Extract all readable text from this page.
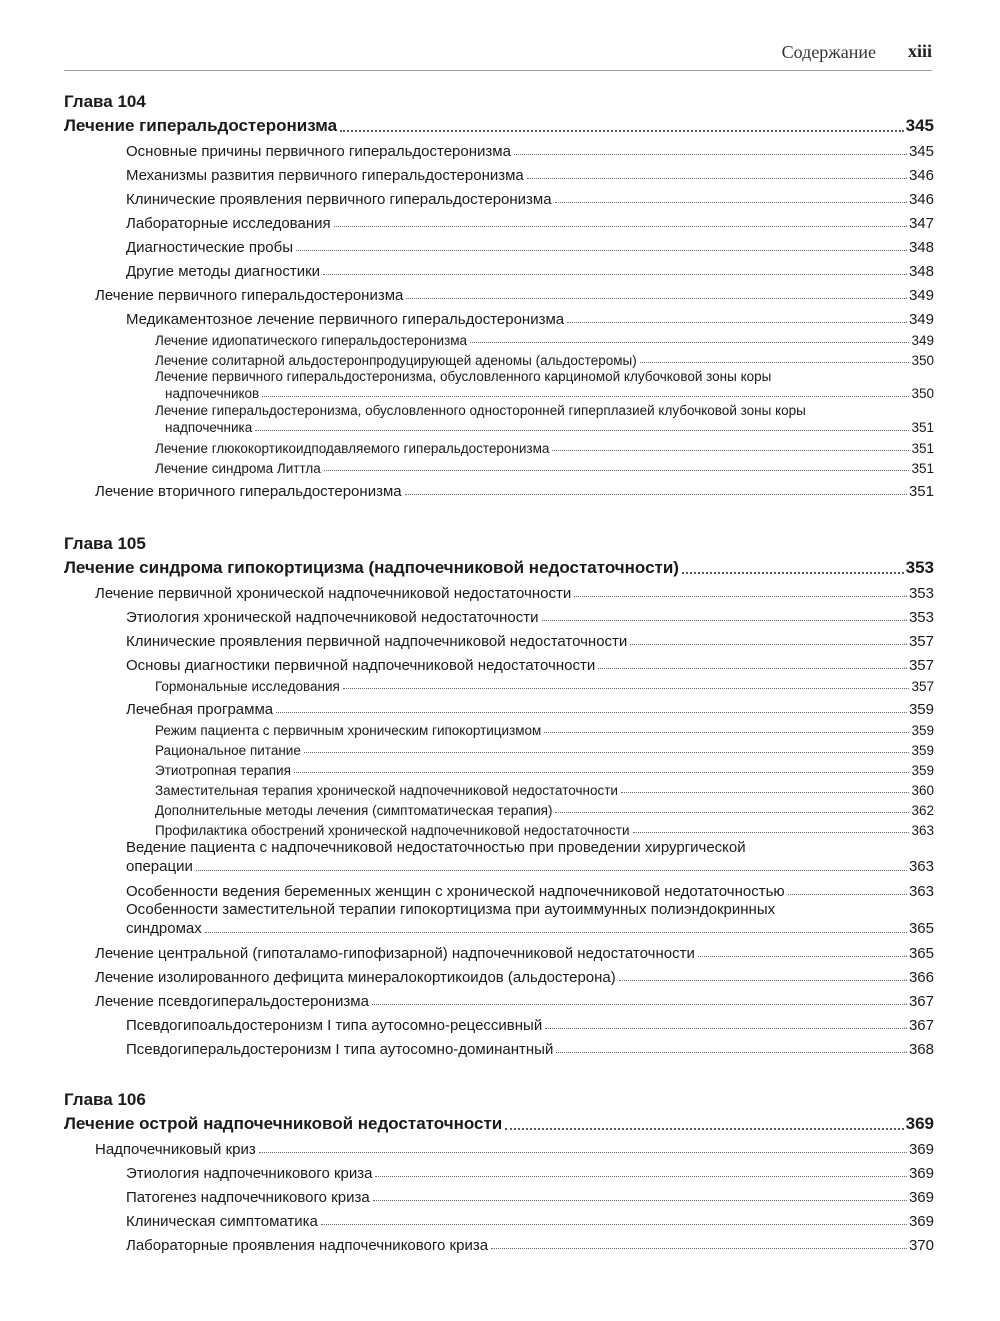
Содержание xiii
Глава 104
Лечение гиперальдостеронизма	345
Основные причины первичного гиперальдостеронизма	345
Механизмы развития первичного гиперальдостеронизма	346
Клинические проявления первичного гиперальдостеронизма	346
Лабораторные исследования	347
Диагностические пробы	348
Другие методы диагностики	348
Лечение первичного гиперальдостеронизма	349
Медикаментозное лечение первичного гиперальдостеронизма	349
Лечение идиопатического гиперальдостеронизма	349
Лечение солитарной альдостеронпродуцирующей аденомы (альдостеромы)	350
Лечение первичного гиперальдостеронизма, обусловленного карциномой клубочковой зоны коры
надпочечников	350
Лечение гиперальдостеронизма, обусловленного односторонней гиперплазией клубочковой зоны коры
надпочечника	351
Лечение глюкокортикоидподавляемого гиперальдостеронизма	351
Лечение синдрома Литтла	351
Лечение вторичного гиперальдостеронизма	351
Глава 105
Лечение синдрома гипокортицизма (надпочечниковой недостаточности)	353
Лечение первичной хронической надпочечниковой недостаточности	353
Этиология хронической надпочечниковой недостаточности	353
Клинические проявления первичной надпочечниковой недостаточности	357
Основы диагностики первичной надпочечниковой недостаточности	357
Гормональные исследования	357
Лечебная программа	359
Режим пациента с первичным хроническим гипокортицизмом	359
Рациональное питание	359
Этиотропная терапия	359
Заместительная терапия хронической надпочечниковой недостаточности	360
Дополнительные методы лечения (симптоматическая терапия)	362
Профилактика обострений хронической надпочечниковой недостаточности	363
Ведение пациента с надпочечниковой недостаточностью при проведении хирургической
операции	363
Особенности ведения беременных женщин с хронической надпочечниковой недотаточностью	363
Особенности заместительной терапии гипокортицизма при аутоиммунных полиэндокринных
синдромах	365
Лечение центральной (гипоталамо-гипофизарной) надпочечниковой недостаточности	365
Лечение изолированного дефицита минералокортикоидов (альдостерона)	366
Лечение псевдогиперальдостеронизма	367
Псевдогипоальдостеронизм I типа аутосомно-рецессивный	367
Псевдогиперальдостеронизм I типа аутосомно-доминантный	368
Глава 106
Лечение острой надпочечниковой недостаточности	369
Надпочечниковый криз	369
Этиология надпочечникового криза	369
Патогенез надпочечникового криза	369
Клиническая симптоматика	369
Лабораторные проявления надпочечникового криза	370
